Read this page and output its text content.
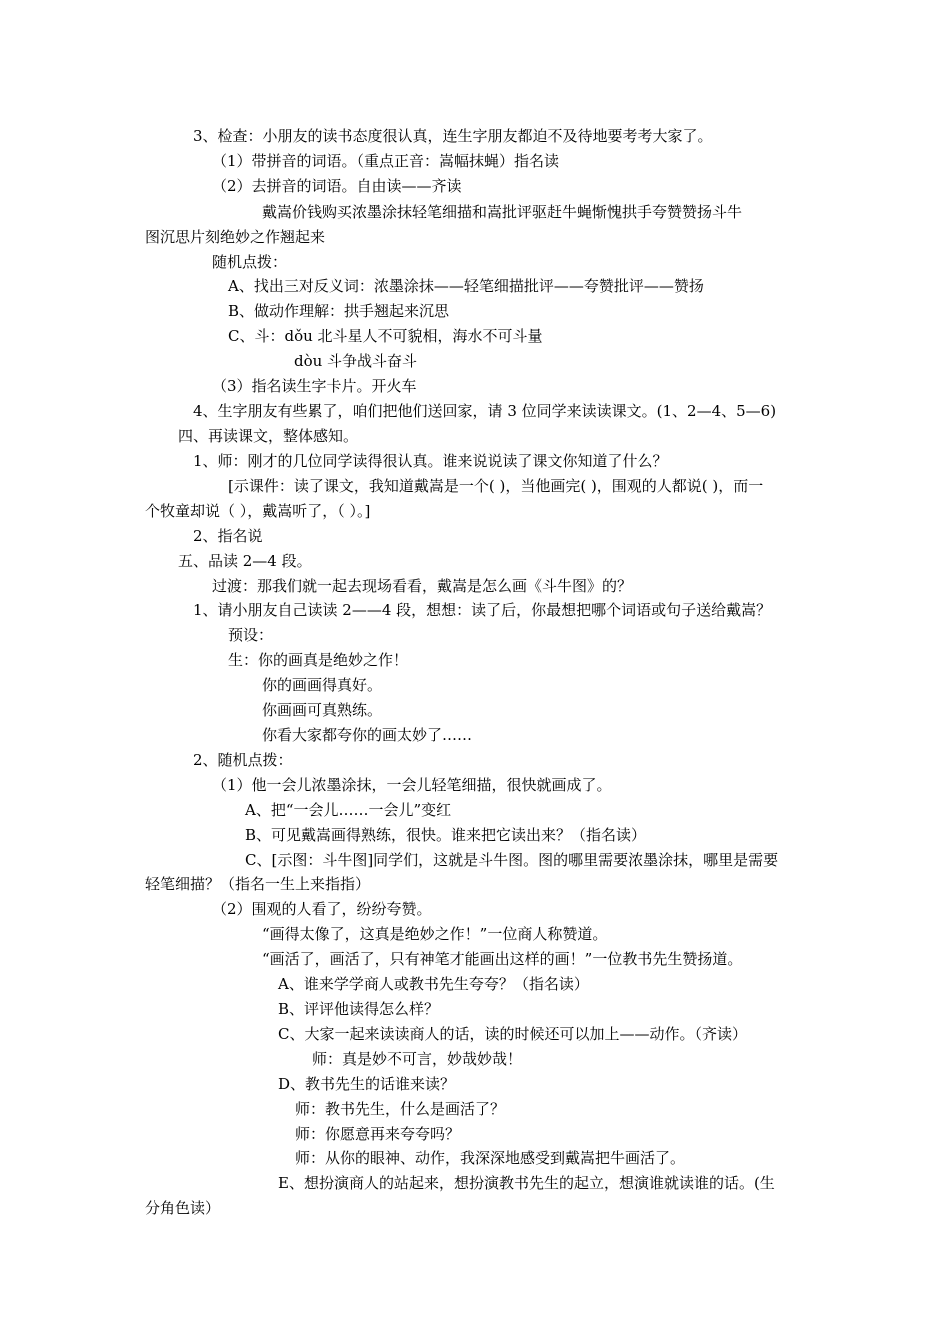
3、检查：小朋友的读书态度很认真，连生字朋友都迫不及待地要考考大家了。
（1）带拼音的词语。（重点正音：嵩幅抹蝇）指名读
（2）去拼音的词语。自由读——齐读
戴嵩价钱购买浓墨涂抹轻笔细描和嵩批评驱赶牛蝇惭愧拱手夸赞赞扬斗牛
图沉思片刻绝妙之作翘起来
随机点拨：
A、找出三对反义词：浓墨涂抹——轻笔细描批评——夸赞批评——赞扬
B、做动作理解：拱手翘起来沉思
C、斗：dǒu 北斗星人不可貌相，海水不可斗量
dòu 斗争战斗奋斗
（3）指名读生字卡片。开火车
4、生字朋友有些累了，咱们把他们送回家，请 3 位同学来读读课文。(1、2—4、5—6)
四、再读课文，整体感知。
1、师：刚才的几位同学读得很认真。谁来说说读了课文你知道了什么？
[示课件：读了课文，我知道戴嵩是一个( )，当他画完( )，围观的人都说( )，而一
个牧童却说（ ），戴嵩听了，（ ）。]
2、指名说
五、品读 2—4 段。
过渡：那我们就一起去现场看看，戴嵩是怎么画《斗牛图》的？
1、请小朋友自己读读 2——4 段，想想：读了后，你最想把哪个词语或句子送给戴嵩？
预设：
生：你的画真是绝妙之作！
你的画画得真好。
你画画可真熟练。
你看大家都夸你的画太妙了……
2、随机点拨：
（1）他一会儿浓墨涂抹，一会儿轻笔细描，很快就画成了。
A、把“一会儿……一会儿”变红
B、可见戴嵩画得熟练，很快。谁来把它读出来？（指名读）
C、[示图：斗牛图]同学们，这就是斗牛图。图的哪里需要浓墨涂抹，哪里是需要
轻笔细描？（指名一生上来指指）
（2）围观的人看了，纷纷夸赞。
“画得太像了，这真是绝妙之作！”一位商人称赞道。
“画活了，画活了，只有神笔才能画出这样的画！”一位教书先生赞扬道。
A、谁来学学商人或教书先生夸夸？（指名读）
B、评评他读得怎么样？
C、大家一起来读读商人的话，读的时候还可以加上——动作。（齐读）
师：真是妙不可言，妙哉妙哉！
D、教书先生的话谁来读？
师：教书先生，什么是画活了？
师：你愿意再来夸夸吗？
师：从你的眼神、动作，我深深地感受到戴嵩把牛画活了。
E、想扮演商人的站起来，想扮演教书先生的起立，想演谁就读谁的话。(生
分角色读）
